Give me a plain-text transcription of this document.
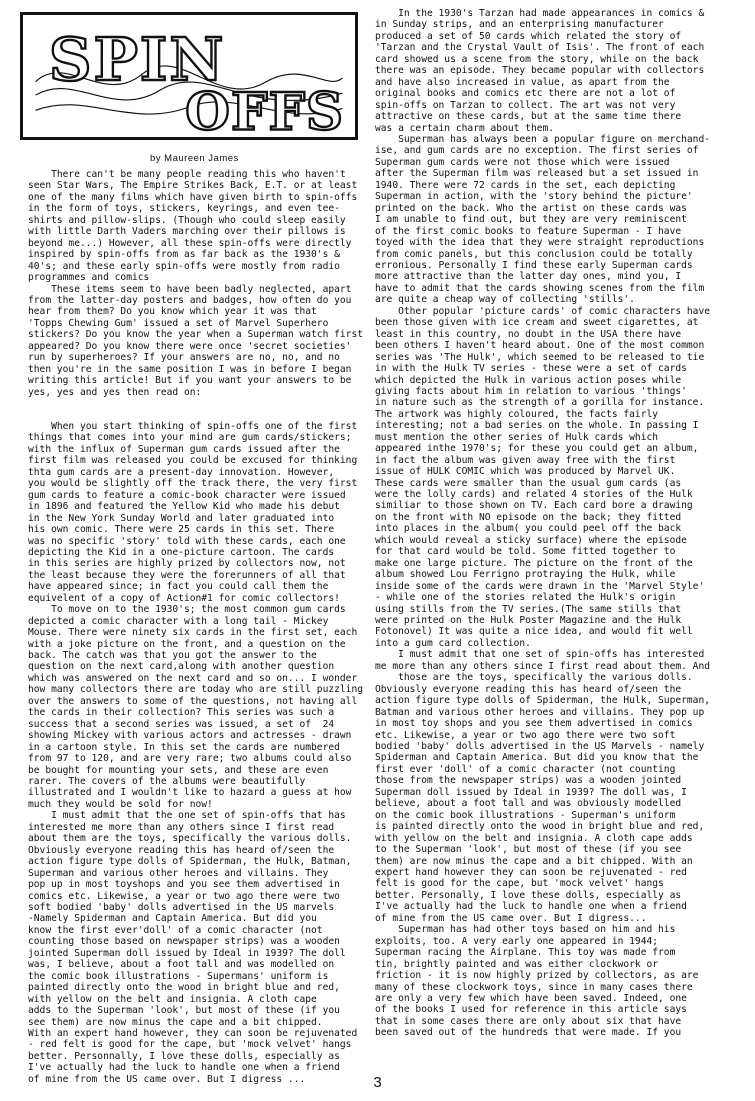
SPIN
OFFS
by Maureen James

There can't be many people reading this who haven't

seen Star Wars, The Empire Strikes Back, E.T. or at least

one of the many films which have given birth to spin-offs

in the form of toys, stickers, keyrings, and even tee-

shirts and pillow-slips. (Though who could sleep easily

with little Darth Vaders marching over their pillows is

beyond me...) However, all these spin-offs were directly

inspired by spin-offs from as far back as the 1930's &

40's; and these early spin-offs were mostly from radio

programmes and comics

These items seem to have been badly neglected, apart

from the latter-day posters and badges, how often do you

hear from them? Do you know which year it was that

'Topps Chewing Gum' issued a set of Marvel Superhero

stickers? Do you know the year when a Superman watch first

appeared? Do you know there were once 'secret societies'

run by superheroes? If your answers are no, no, and no

then you're in the same position I was in before I began

writing this article! But if you want your answers to be

yes, yes and yes then read on:

When you start thinking of spin-offs one of the first

things that comes into your mind are gum cards/stickers;

with the influx of Superman gum cards issued after the

first film was released you could be excused for thinking

thta gum cards are a present-day innovation. However,

you would be slightly off the track there, the very first

gum cards to feature a comic-book character were issued

in 1896 and featured the Yellow Kid who made his debut

in the New York Sunday World and later graduated into

his own comic. There were 25 cards in this set. There

was no specific 'story' told with these cards, each one

depicting the Kid in a one-picture cartoon. The cards

in this series are highly prized by collectors now, not

the least because they were the forerunners of all that

have appeared since; in fact you could call them the

equivelent of a copy of Action#1 for comic collectors!

To move on to the 1930's; the most common gum cards

depicted a comic character with a long tail - Mickey

Mouse. There were ninety six cards in the first set, each

with a joke picture on the front, and a question on the

back. The catch was that you got the answer to the

question on the next card,along with another question

which was answered on the next card and so on... I wonder

how many collectors there are today who are still puzzling

over the answers to some of the questions, not having all

the cards in their collection? This series was such a

success that a second series was issued, a set of  24

showing Mickey with various actors and actresses - drawn

in a cartoon style. In this set the cards are numbered

from 97 to 120, and are very rare; two albums could also

be bought for mounting your sets, and these are even

rarer. The covers of the albums were beautifully

illustrated and I wouldn't like to hazard a guess at how

much they would be sold for now!

I must admit that the one set of spin-offs that has

interested me more than any others since I first read

about them are the toys, specifically the various dolls.

Obviously everyone reading this has heard of/seen the

action figure type dolls of Spiderman, the Hulk, Batman,

Superman and various other heroes and villains. They

pop up in most toyshops and you see them advertised in

comics etc. Likewise, a year or two ago there were two

soft bodied 'baby' dolls advertised in the US marvels

-Namely Spiderman and Captain America. But did you

know the first ever'doll' of a comic character (not

counting those based on newspaper strips) was a wooden

jointed Superman doll issued by Ideal in 1939? The doll

was, I believe, about a foot tall and was modelled on

the comic book illustrations - Supermans' uniform is

painted directly onto the wood in bright blue and red,

with yellow on the belt and insignia. A cloth cape

adds to the Superman 'look', but most of these (if you

see them) are now minus the cape and a bit chipped.

With an expert hand however, they can soon be rejuvenated

- red felt is good for the cape, but 'mock velvet' hangs

better. Personnally, I love these dolls, especially as

I've actually had the luck to handle one when a friend

of mine from the US came over. But I digress ...

In the 1930's Tarzan had made appearances in comics &

in Sunday strips, and an enterprising manufacturer

produced a set of 50 cards which related the story of

'Tarzan and the Crystal Vault of Isis'. The front of each

card showed us a scene from the story, while on the back

there was an episode. They became popular with collectors

and have also increased in value, as apart from the

original books and comics etc there are not a lot of

spin-offs on Tarzan to collect. The art was not very

attractive on these cards, but at the same time there

was a certain charm about them.

Superman has always been a popular figure on merchand-

ise, and gum cards are no exception. The first series of

Superman gum cards were not those which were issued

after the Superman film was released but a set issued in

1940. There were 72 cards in the set, each depicting

Superman in action, with the 'story behind the picture'

printed on the back. Who the artist on these cards was

I am unable to find out, but they are very reminiscent

of the first comic books to feature Superman - I have

toyed with the idea that they were straight reproductions

from comic panels, but this conclusion could be totally

erronious. Personally I find these early Superman cards

more attractive than the latter day ones, mind you, I

have to admit that the cards showing scenes from the film

are quite a cheap way of collecting 'stills'.

Other popular 'picture cards' of comic characters have

been those given with ice cream and sweet cigarettes, at

least in this country, no doubt in the USA there have

been others I haven't heard about. One of the most common

series was 'The Hulk', which seemed to be released to tie

in with the Hulk TV series - these were a set of cards

which depicted the Hulk in various action poses while

giving facts about him in relation to various 'things'

in nature such as the strength of a gorilla for instance.

The artwork was highly coloured, the facts fairly

interesting; not a bad series on the whole. In passing I

must mention the other series of Hulk cards which

appeared inthe 1970's; for these you could get an album,

in fact the album was given away free with the first

issue of HULK COMIC which was produced by Marvel UK.

These cards were smaller than the usual gum cards (as

were the lolly cards) and related 4 stories of the Hulk

similiar to those shown on TV. Each card bore a drawing

on the front with NO episode on the back; they fitted

into places in the album( you could peel off the back

which would reveal a sticky surface) where the episode

for that card would be told. Some fitted together to

make one large picture. The picture on the front of the

album showed Lou Ferrigno protraying the Hulk, while

inside some of the cards were drawn in the 'Marvel Style'

- while one of the stories related the Hulk's origin

using stills from the TV series.(The same stills that

were printed on the Hulk Poster Magazine and the Hulk

Fotonovel) It was quite a nice idea, and would fit well

into a gum card collection.

I must admit that one set of spin-offs has interested

me more than any others since I first read about them. And

those are the toys, specifically the various dolls.

Obviously everyone reading this has heard of/seen the

action figure type dolls of Spiderman, the Hulk, Superman,

Batman and various other heroes and villains. They pop up

in most toy shops and you see them advertised in comics

etc. Likewise, a year or two ago there were two soft

bodied 'baby' dolls advertised in the US Marvels - namely

Spiderman and Captain America. But did you know that the

first ever 'doll' of a comic character (not counting

those from the newspaper strips) was a wooden jointed

Superman doll issued by Ideal in 1939? The doll was, I

believe, about a foot tall and was obviously modelled

on the comic book illustrations - Superman's uniform

is painted directly onto the wood in bright blue and red,

with yellow on the belt and insignia. A cloth cape adds

to the Superman 'look', but most of these (if you see

them) are now minus the cape and a bit chipped. With an

expert hand however they can soon be rejuvenated - red

felt is good for the cape, but 'mock velvet' hangs

better. Personally, I love these dolls, especially as

I've actually had the luck to handle one when a friend

of mine from the US came over. But I digress...

Superman has had other toys based on him and his

exploits, too. A very early one appeared in 1944;

Superman racing the Airplane. This toy was made from

tin, brightly painted and was either clockwork or

friction - it is now highly prized by collectors, as are

many of these clockwork toys, since in many cases there

are only a very few which have been saved. Indeed, one

of the books I used for reference in this article says

that in some cases there are only about six that have

been saved out of the hundreds that were made. If you

3
